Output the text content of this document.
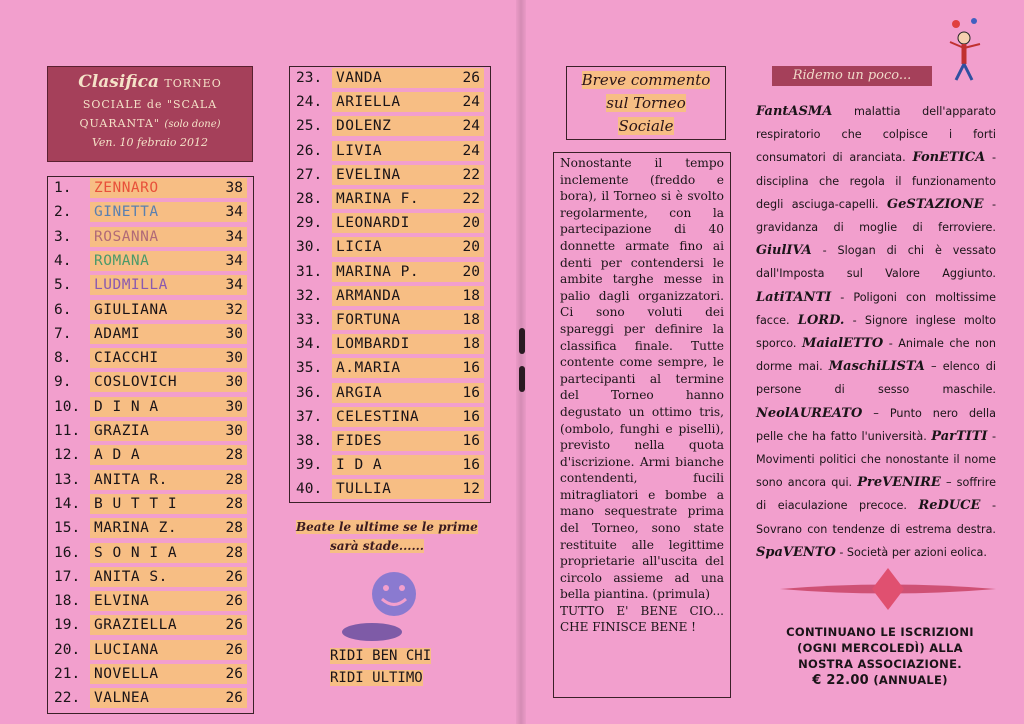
Clasifica TORNEO
SOCIALE de "SCALA
QUARANTA" (solo done)
Ven. 10 febraio 2012
1.	ZENNARO	38
2.	GINETTA	34
3.	ROSANNA	34
4.	ROMANA	34
5.	LUDMILLA	34
6.	GIULIANA	32
7.	ADAMI	30
8.	CIACCHI	30
9.	COSLOVICH	30
10. D I N A	30
11. GRAZIA	30
12. A D A	28
13. ANITA R.	28
14. B U T T I	28
15. MARINA Z.	28
16. S O N I A	28
17. ANITA S.	26
18. ELVINA	26
19. GRAZIELLA	26
20. LUCIANA	26
21. NOVELLA	26
22. VALNEA	26
23. VANDA	26
24. ARIELLA	24
25. DOLENZ	24
26. LIVIA	24
27. EVELINA	22
28. MARINA F.	22
29. LEONARDI	20
30. LICIA	20
31. MARINA P.	20
32. ARMANDA	18
33. FORTUNA	18
34. LOMBARDI	18
35. A.MARIA	16
36. ARGIA	16
37. CELESTINA	16
38. FIDES	16
39. I D A	16
40. TULLIA	12
Beate le ultime se le prime
sarà stade......
RIDI BEN CHI
RIDI ULTIMO
Breve commento
sul Torneo
Sociale
Nonostante il tempo inclemente (freddo e bora), il Torneo si è svolto regolarmente, con la partecipazione di 40 donnette armate fino ai denti per contendersi le ambite targhe messe in palio dagli organizzatori. Ci sono voluti dei spareggi per definire la classifica finale. Tutte contente come sempre, le partecipanti al termine del Torneo hanno degustato un ottimo tris, (ombolo, funghi e piselli), previsto nella quota d'iscrizione. Armi bianche contendenti, fucili mitragliatori e bombe a mano sequestrate prima del Torneo, sono state restituite alle legittime proprietarie all'uscita del circolo assieme ad una bella piantina. (primula)
TUTTO E' BENE CIO... CHE FINISCE BENE !
Ridemo un poco...
FantASMA malattia dell'apparato respiratorio che colpisce i forti consumatori di aranciata. FonETICA - disciplina che regola il funzionamento degli asciuga-capelli. GeSTAZIONE - gravidanza di moglie di ferroviere. GiulIVA - Slogan di chi è vessato dall'Imposta sul Valore Aggiunto. LatiTANTI - Poligoni con moltissime facce. LORD. - Signore inglese molto sporco. MaialETTO - Animale che non dorme mai. MaschiLISTA – elenco di persone di sesso maschile. NeolAUREATO – Punto nero della pelle che ha fatto l'università. ParTITI - Movimenti politici che nonostante il nome sono ancora qui. PreVENIRE – soffrire di eiaculazione precoce. ReDUCE - Sovrano con tendenze di estrema destra. SpaVENTO - Società per azioni eolica.
CONTINUANO LE ISCRIZIONI
(OGNI MERCOLEDÌ) ALLA
NOSTRA ASSOCIAZIONE.
€ 22.00 (ANNUALE)
